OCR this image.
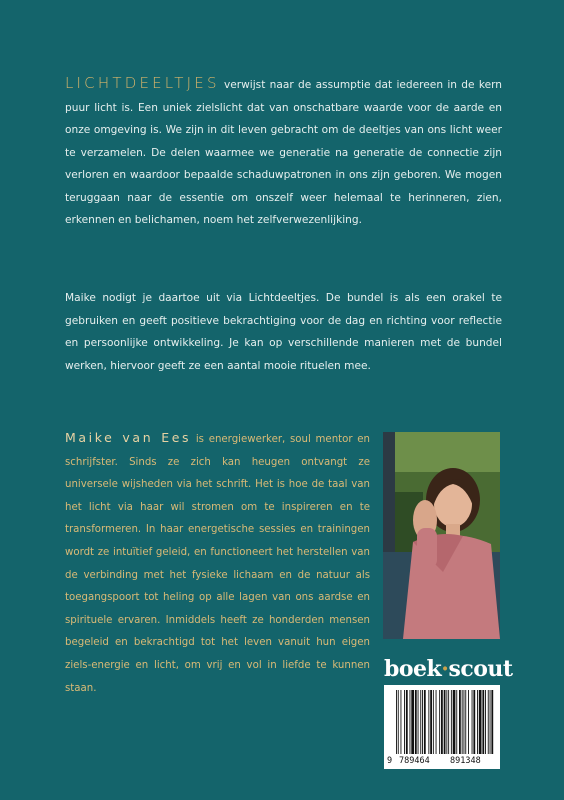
LICHTDEELTJES verwijst naar de assumptie dat iedereen in de kern puur licht is. Een uniek zielslicht dat van onschatbare waarde voor de aarde en onze omgeving is. We zijn in dit leven gebracht om de deeltjes van ons licht weer te verzamelen. De delen waarmee we generatie na generatie de connectie zijn verloren en waardoor bepaalde schaduwpatronen in ons zijn geboren. We mogen teruggaan naar de essentie om onszelf weer helemaal te herinneren, zien, erkennen en belichamen, noem het zelfverwezenlijking.

Maike nodigt je daartoe uit via Lichtdeeltjes. De bundel is als een orakel te gebruiken en geeft positieve bekrachtiging voor de dag en richting voor reflectie en persoonlijke ontwikkeling. Je kan op verschillende manieren met de bundel werken, hiervoor geeft ze een aantal mooie rituelen mee.

Maike van Ees is energiewerker, soul mentor en schrijfster. Sinds ze zich kan heugen ontvangt ze universele wijsheden via het schrift. Het is hoe de taal van het licht via haar wil stromen om te inspireren en te transformeren. In haar energetische sessies en trainingen wordt ze intuïtief geleid, en functioneert het herstellen van de verbinding met het fysieke lichaam en de natuur als toegangspoort tot heling op alle lagen van ons aardse en spirituele ervaren. Inmiddels heeft ze honderden mensen begeleid en bekrachtigd tot het leven vanuit hun eigen ziels-energie en licht, om vrij en vol in liefde te kunnen staan.

boek·scout
9 789464 891348
